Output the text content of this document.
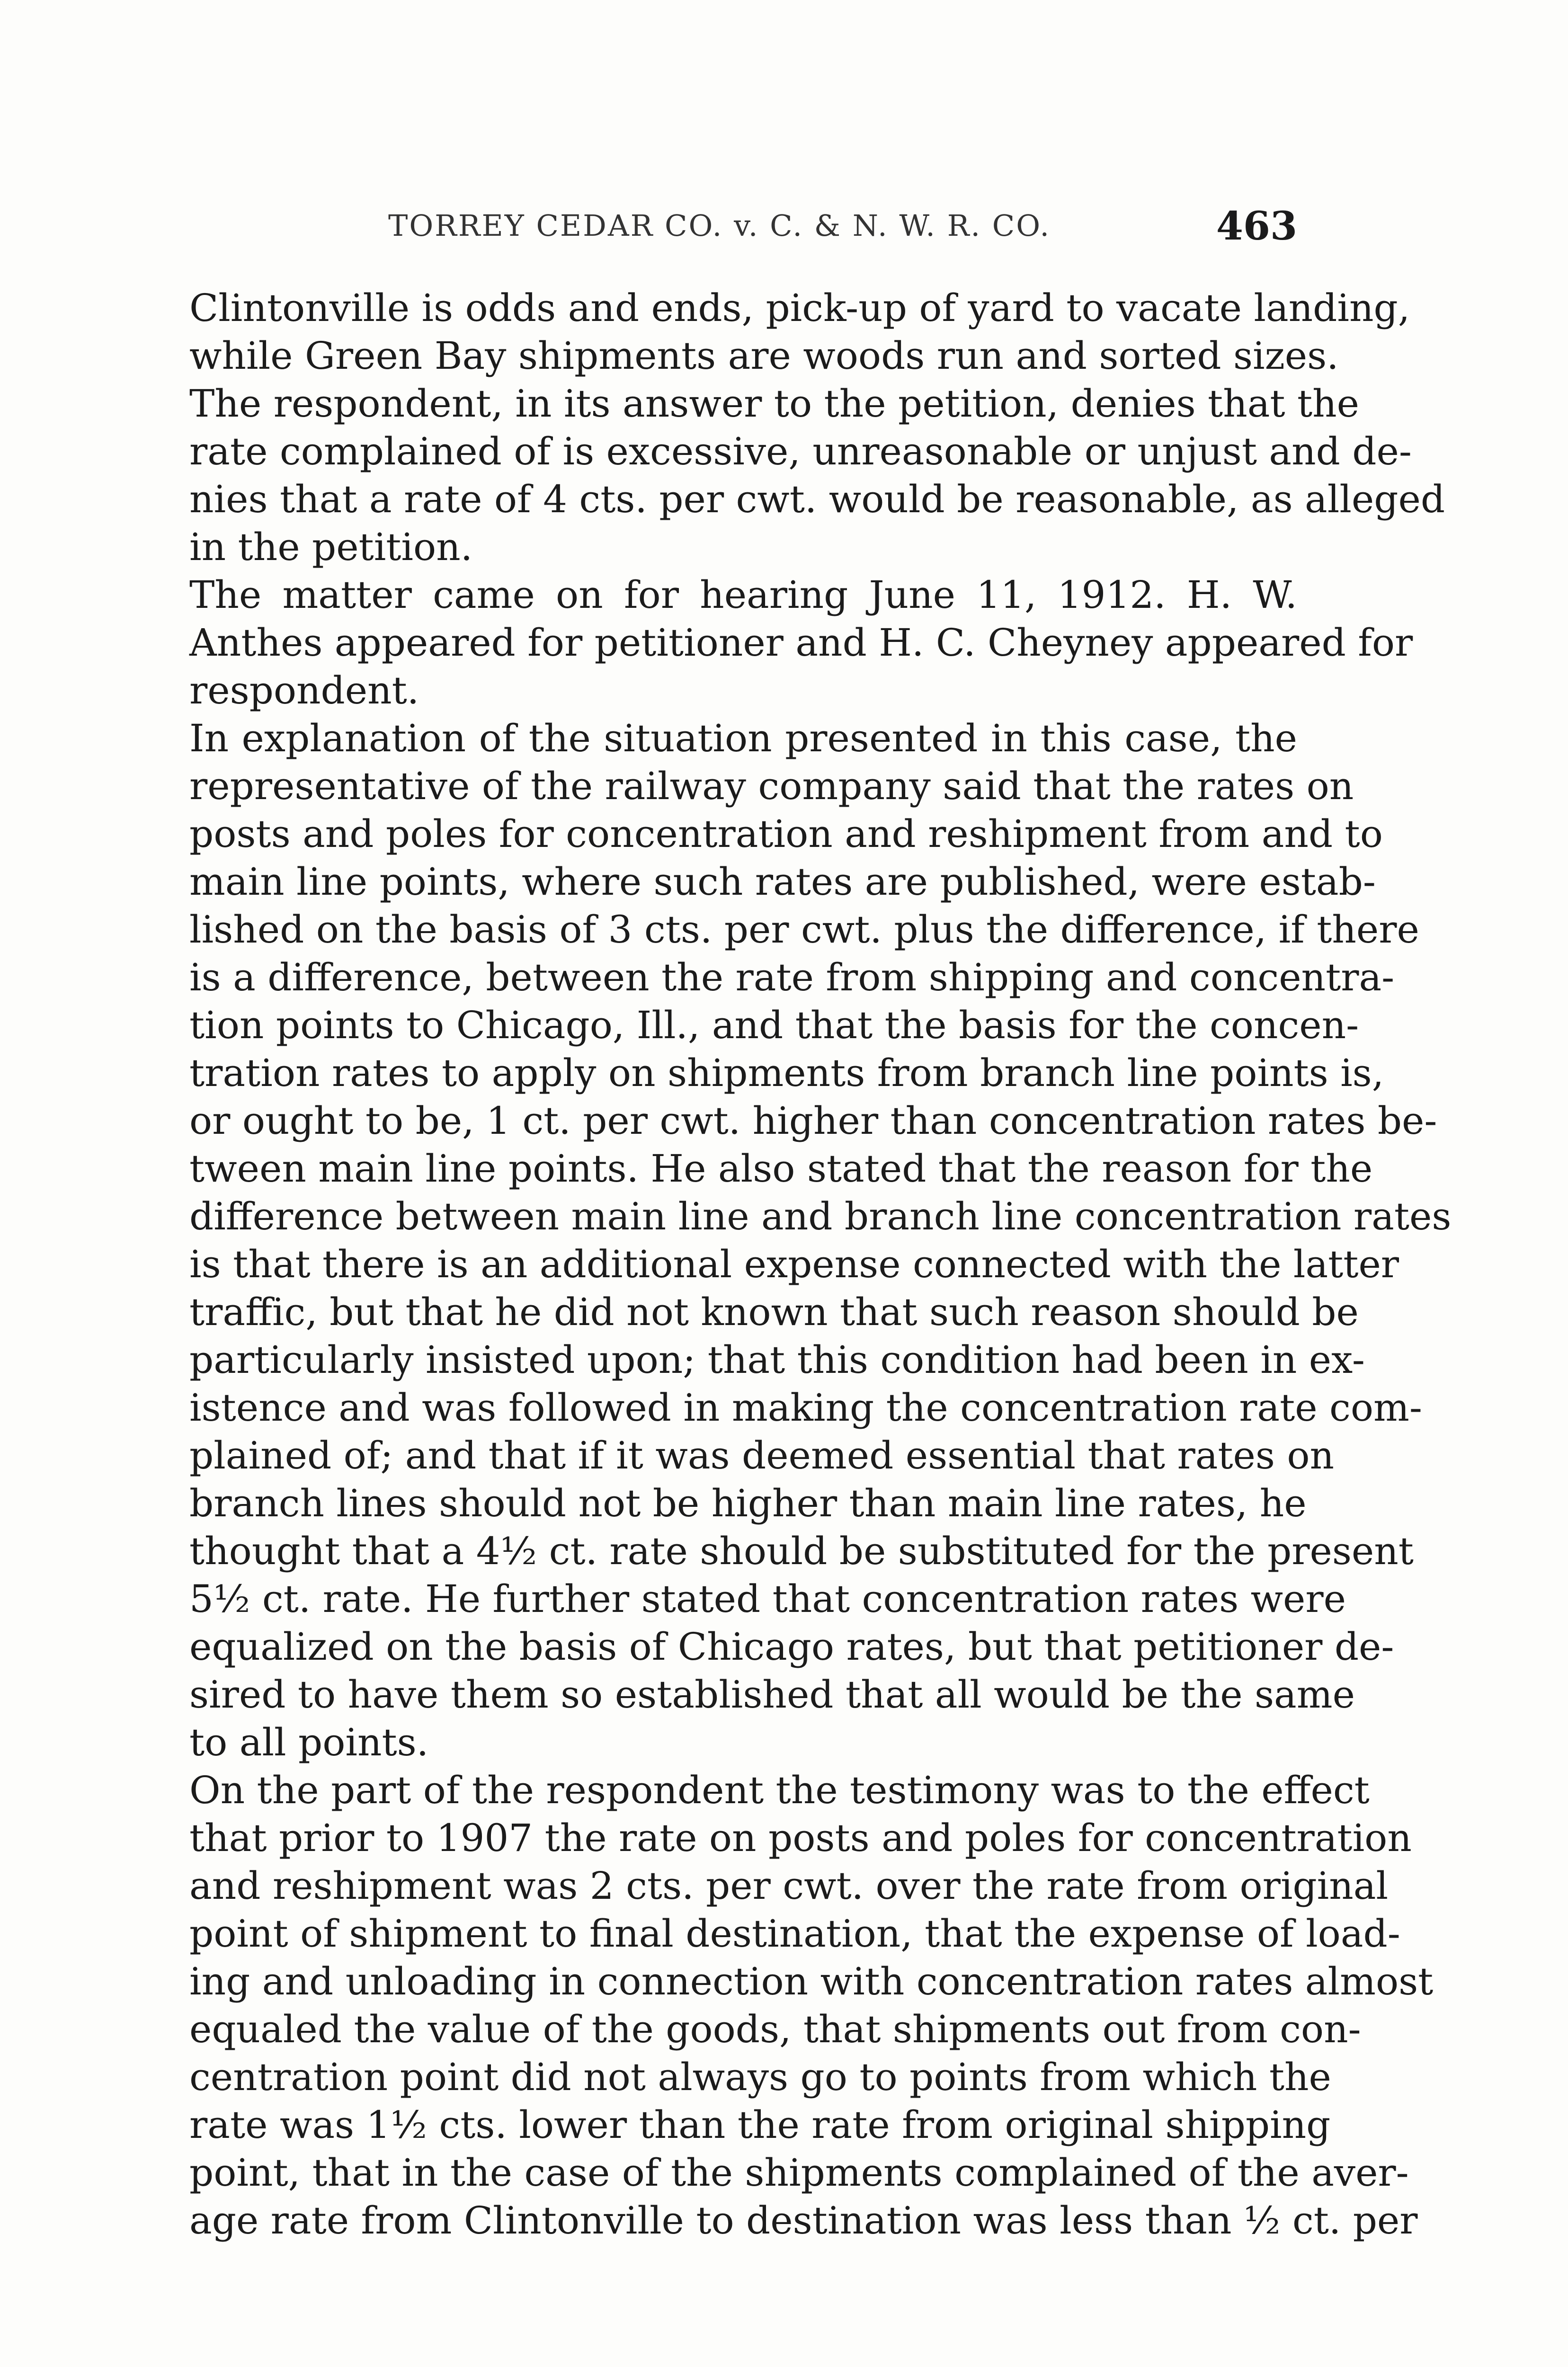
TORREY CEDAR CO. v. C. & N. W. R. CO.	463
Clintonville is odds and ends, pick-up of yard to vacate landing,
while Green Bay shipments are woods run and sorted sizes.
The respondent, in its answer to the petition, denies that the
rate complained of is excessive, unreasonable or unjust and de-
nies that a rate of 4 cts. per cwt. would be reasonable, as alleged
in the petition.
The matter came on for hearing June 11, 1912. H. W.
Anthes appeared for petitioner and H. C. Cheyney appeared for
respondent.
In explanation of the situation presented in this case, the
representative of the railway company said that the rates on
posts and poles for concentration and reshipment from and to
main line points, where such rates are published, were estab-
lished on the basis of 3 cts. per cwt. plus the difference, if there
is a difference, between the rate from shipping and concentra-
tion points to Chicago, Ill., and that the basis for the concen-
tration rates to apply on shipments from branch line points is,
or ought to be, 1 ct. per cwt. higher than concentration rates be-
tween main line points. He also stated that the reason for the
difference between main line and branch line concentration rates
is that there is an additional expense connected with the latter
traffic, but that he did not known that such reason should be
particularly insisted upon; that this condition had been in ex-
istence and was followed in making the concentration rate com-
plained of; and that if it was deemed essential that rates on
branch lines should not be higher than main line rates, he
thought that a 4½ ct. rate should be substituted for the present
5½ ct. rate. He further stated that concentration rates were
equalized on the basis of Chicago rates, but that petitioner de-
sired to have them so established that all would be the same
to all points.
On the part of the respondent the testimony was to the effect
that prior to 1907 the rate on posts and poles for concentration
and reshipment was 2 cts. per cwt. over the rate from original
point of shipment to final destination, that the expense of load-
ing and unloading in connection with concentration rates almost
equaled the value of the goods, that shipments out from con-
centration point did not always go to points from which the
rate was 1½ cts. lower than the rate from original shipping
point, that in the case of the shipments complained of the aver-
age rate from Clintonville to destination was less than ½ ct. per
